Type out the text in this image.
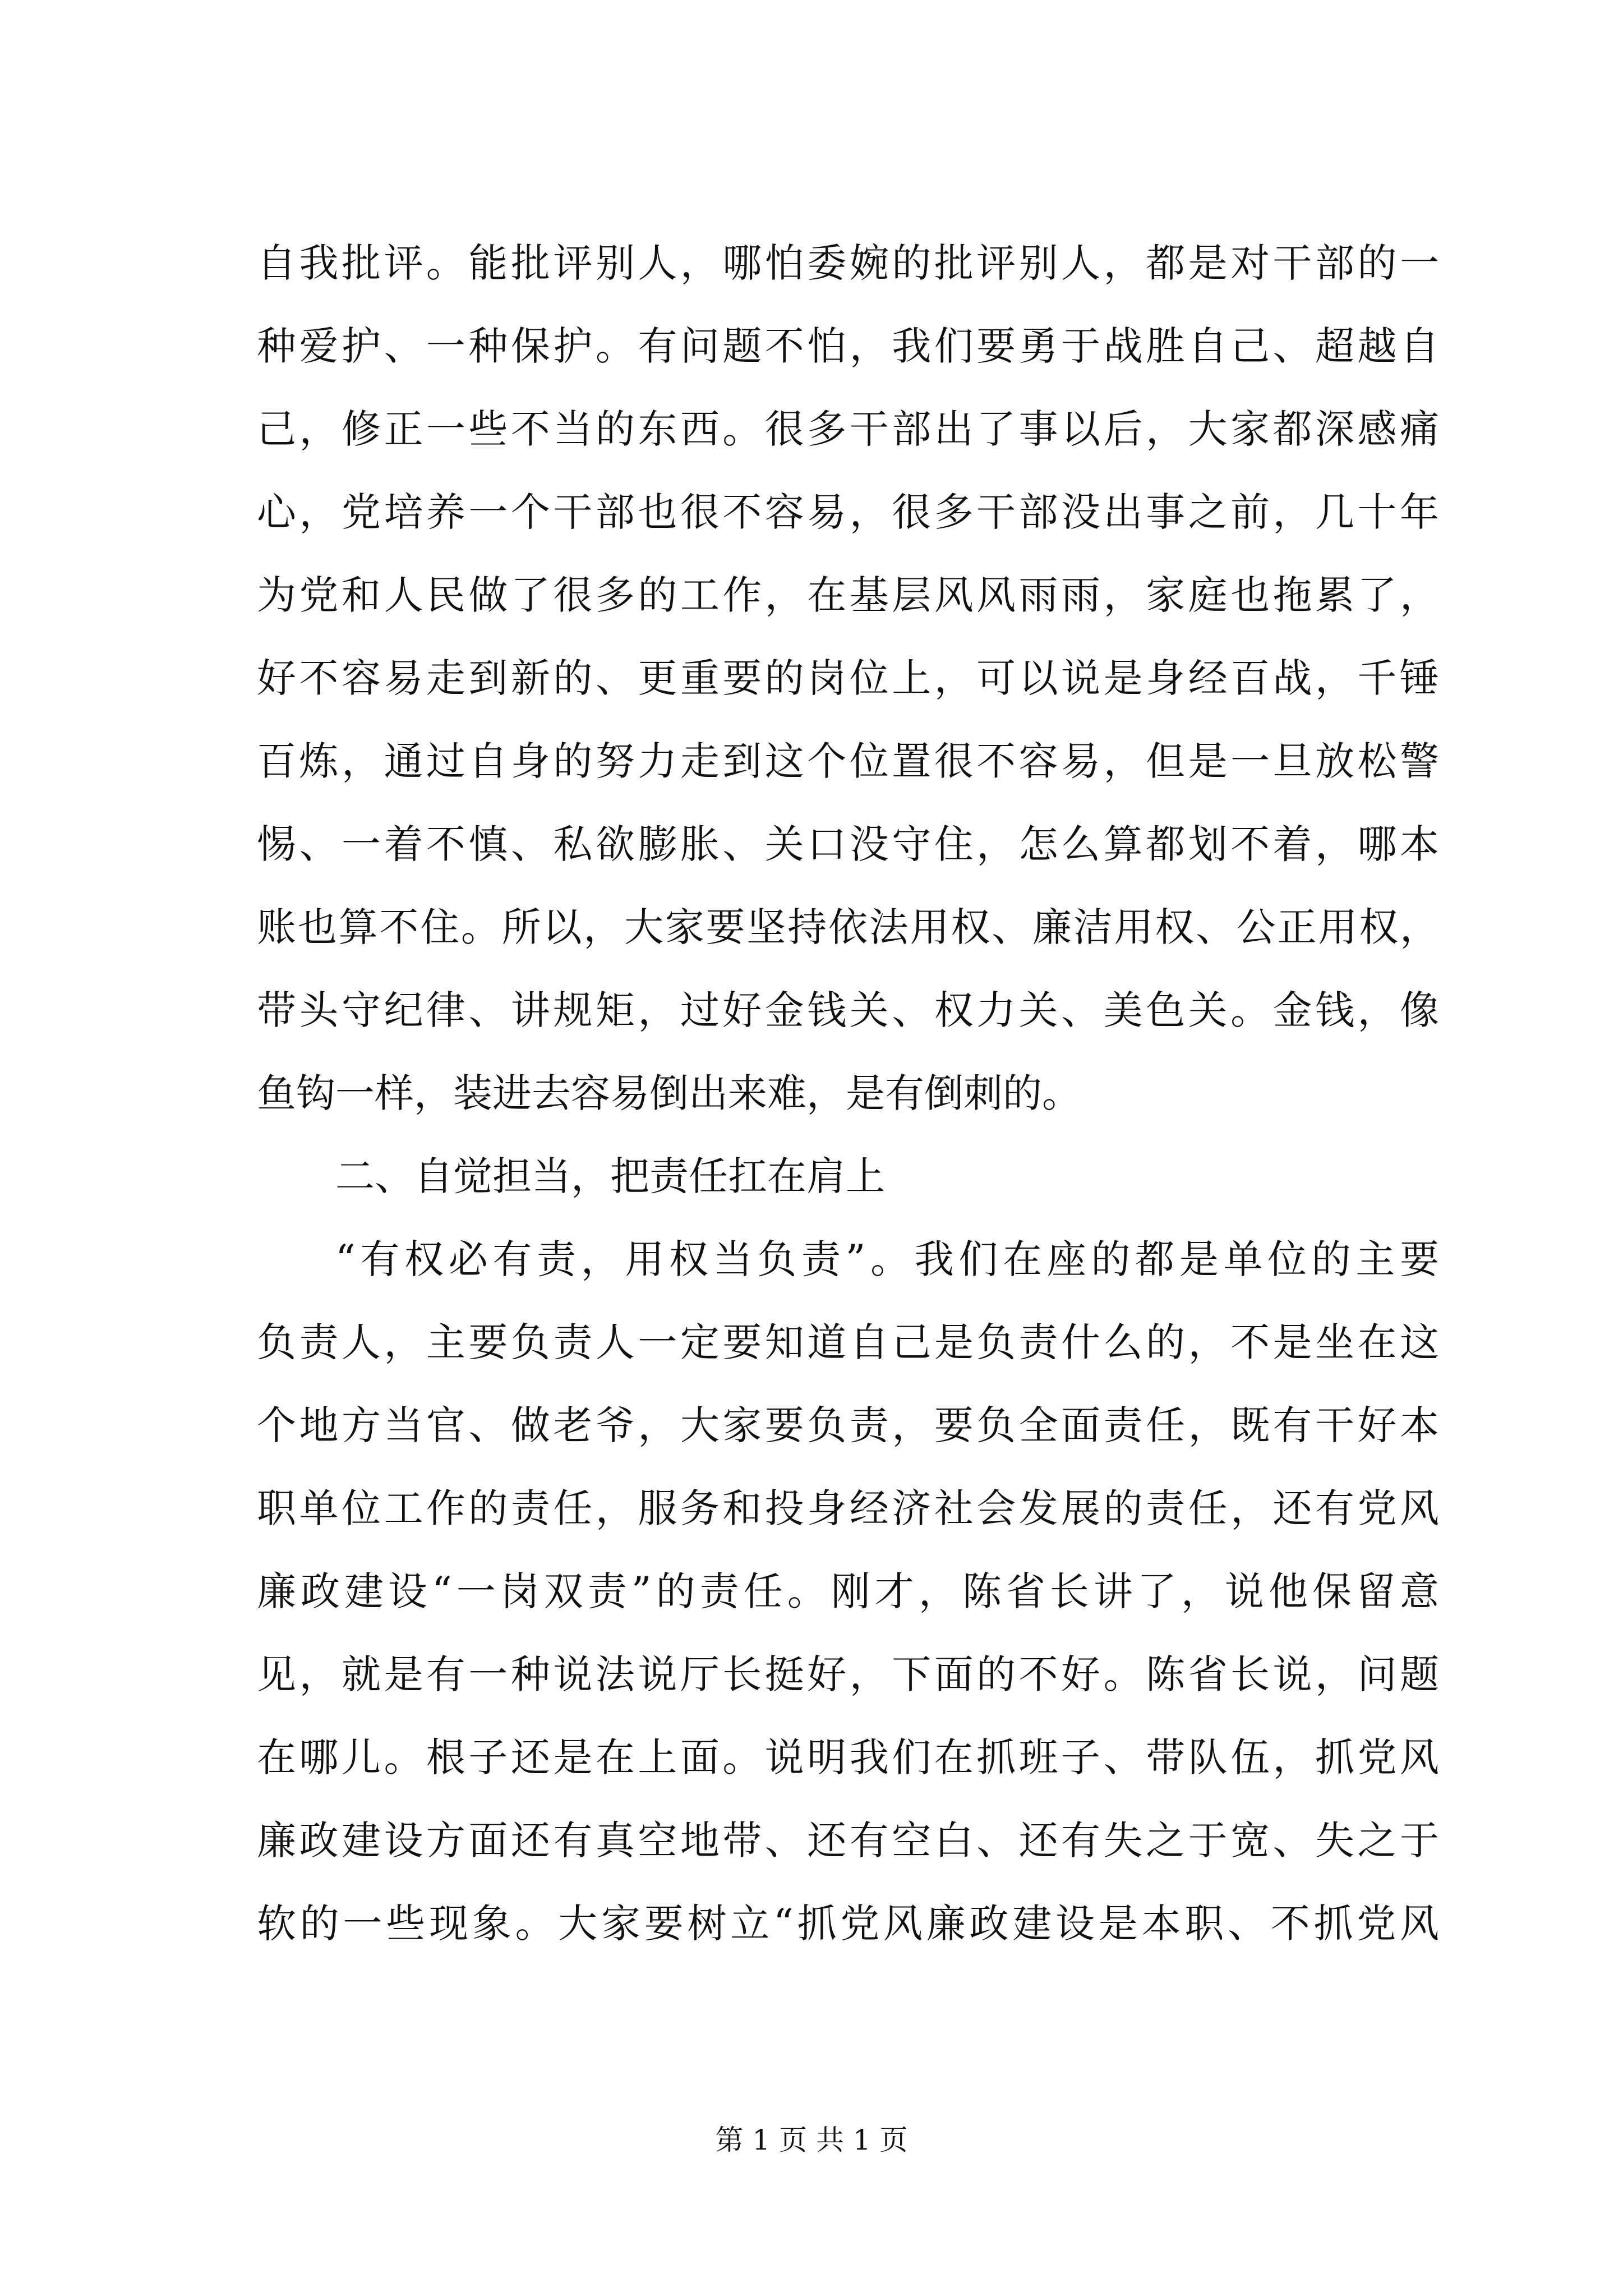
自我批评。能批评别人，哪怕委婉的批评别人，都是对干部的一
种爱护、一种保护。有问题不怕，我们要勇于战胜自己、超越自
己，修正一些不当的东西。很多干部出了事以后，大家都深感痛
心，党培养一个干部也很不容易，很多干部没出事之前，几十年
为党和人民做了很多的工作，在基层风风雨雨，家庭也拖累了，
好不容易走到新的、更重要的岗位上，可以说是身经百战，千锤
百炼，通过自身的努力走到这个位置很不容易，但是一旦放松警
惕、一着不慎、私欲膨胀、关口没守住，怎么算都划不着，哪本
账也算不住。所以，大家要坚持依法用权、廉洁用权、公正用权，
带头守纪律、讲规矩，过好金钱关、权力关、美色关。金钱，像
鱼钩一样，装进去容易倒出来难，是有倒刺的。
二、自觉担当，把责任扛在肩上
“有权必有责，用权当负责”。我们在座的都是单位的主要
负责人，主要负责人一定要知道自己是负责什么的，不是坐在这
个地方当官、做老爷，大家要负责，要负全面责任，既有干好本
职单位工作的责任，服务和投身经济社会发展的责任，还有党风
廉政建设“一岗双责”的责任。刚才，陈省长讲了，说他保留意
见，就是有一种说法说厅长挺好，下面的不好。陈省长说，问题
在哪儿。根子还是在上面。说明我们在抓班子、带队伍，抓党风
廉政建设方面还有真空地带、还有空白、还有失之于宽、失之于
软的一些现象。大家要树立“抓党风廉政建设是本职、不抓党风
第 1 页 共 1 页
